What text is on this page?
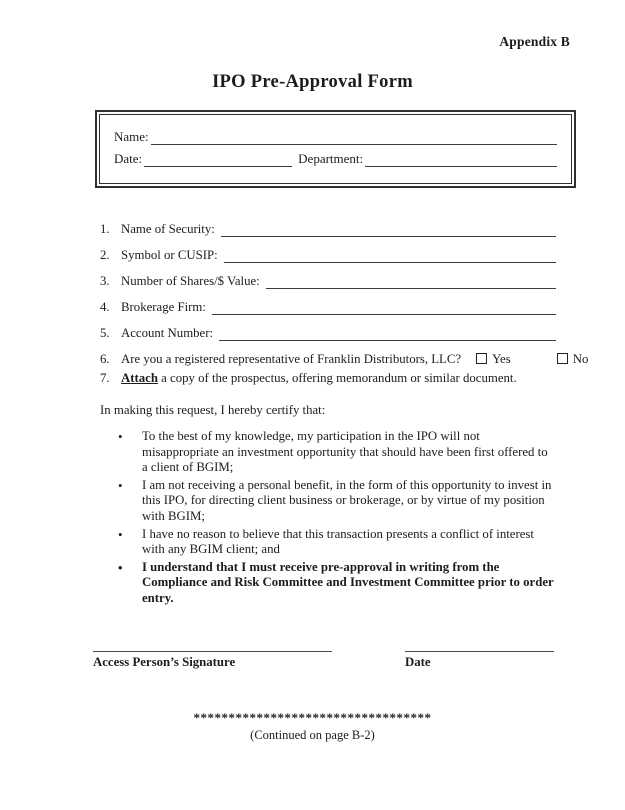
Appendix B
IPO Pre-Approval Form
Name:
Date:	Department:
1. Name of Security:
2. Symbol or CUSIP:
3. Number of Shares/$ Value:
4. Brokerage Firm:
5. Account Number:
6. Are you a registered representative of Franklin Distributors, LLC?	Yes	No
7. Attach a copy of the prospectus, offering memorandum or similar document.
In making this request, I hereby certify that:
•	To the best of my knowledge, my participation in the IPO will not misappropriate an investment opportunity that should have been first offered to a client of BGIM;
•	I am not receiving a personal benefit, in the form of this opportunity to invest in this IPO, for directing client business or brokerage, or by virtue of my position with BGIM;
•	I have no reason to believe that this transaction presents a conflict of interest with any BGIM client; and
•	I understand that I must receive pre-approval in writing from the Compliance and Risk Committee and Investment Committee prior to order entry.
Access Person’s Signature	Date
**********************************
(Continued on page B-2)
